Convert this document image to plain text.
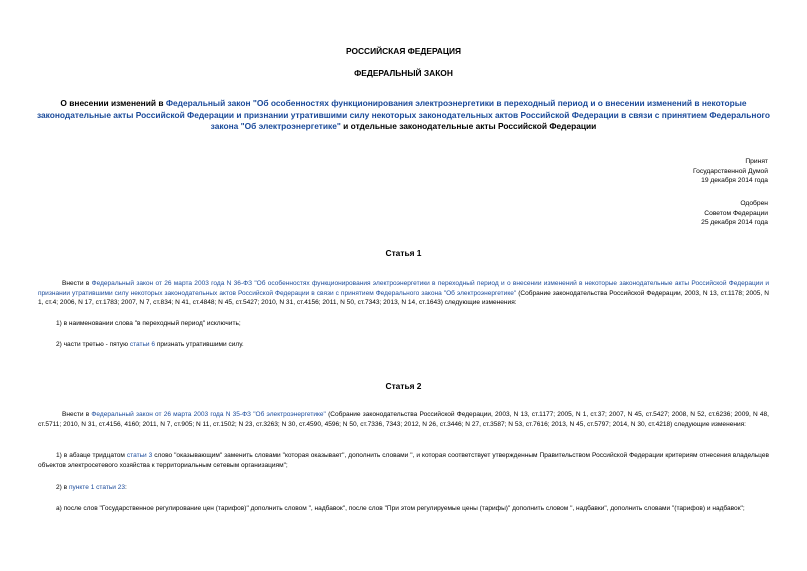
РОССИЙСКАЯ ФЕДЕРАЦИЯ
ФЕДЕРАЛЬНЫЙ ЗАКОН
О внесении изменений в Федеральный закон "Об особенностях функционирования электроэнергетики в переходный период и о внесении изменений в некоторые законодательные акты Российской Федерации и признании утратившими силу некоторых законодательных актов Российской Федерации в связи с принятием Федерального закона "Об электроэнергетике" и отдельные законодательные акты Российской Федерации
Принят
Государственной Думой
19 декабря 2014 года
Одобрен
Советом Федерации
25 декабря 2014 года
Статья 1
Внести в Федеральный закон от 26 марта 2003 года N 36-ФЗ "Об особенностях функционирования электроэнергетики в переходный период и о внесении изменений в некоторые законодательные акты Российской Федерации и признании утратившими силу некоторых законодательных актов Российской Федерации в связи с принятием Федерального закона "Об электроэнергетике" (Собрание законодательства Российской Федерации, 2003, N 13, ст.1178; 2005, N 1, ст.4; 2006, N 17, ст.1783; 2007, N 7, ст.834; N 41, ст.4848; N 45, ст.5427; 2010, N 31, ст.4156; 2011, N 50, ст.7343; 2013, N 14, ст.1643) следующие изменения:
1) в наименовании слова "в переходный период" исключить;
2) части третью - пятую статьи 6 признать утратившими силу.
Статья 2
Внести в Федеральный закон от 26 марта 2003 года N 35-ФЗ "Об электроэнергетике" (Собрание законодательства Российской Федерации, 2003, N 13, ст.1177; 2005, N 1, ст.37; 2007, N 45, ст.5427; 2008, N 52, ст.6236; 2009, N 48, ст.5711; 2010, N 31, ст.4156, 4160; 2011, N 7, ст.905; N 11, ст.1502; N 23, ст.3263; N 30, ст.4590, 4596; N 50, ст.7336, 7343; 2012, N 26, ст.3446; N 27, ст.3587; N 53, ст.7616; 2013, N 45, ст.5797; 2014, N 30, ст.4218) следующие изменения:
1) в абзаце тридцатом статьи 3 слово "оказывающим" заменить словами "которая оказывает", дополнить словами ", и которая соответствует утвержденным Правительством Российской Федерации критериям отнесения владельцев объектов электросетевого хозяйства к территориальным сетевым организациям";
2) в пункте 1 статьи 23:
а) после слов "Государственное регулирование цен (тарифов)" дополнить словом ", надбавок", после слов "При этом регулируемые цены (тарифы)" дополнить словом ", надбавки", дополнить словами "(тарифов) и надбавок";
